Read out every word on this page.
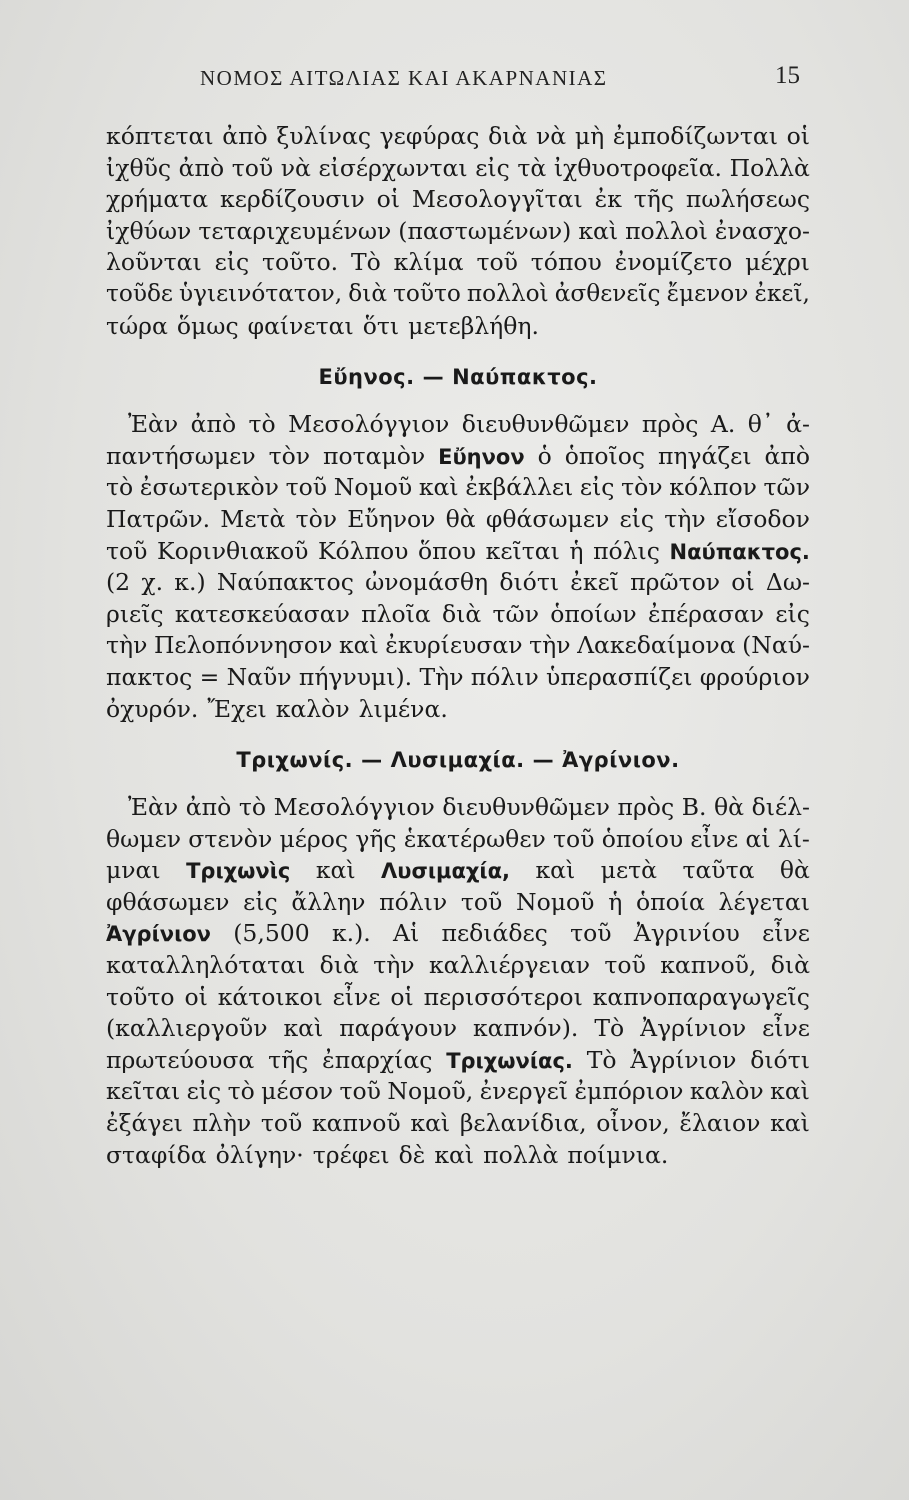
ΝΟΜΟΣ ΑΙΤΩΛΙΑΣ ΚΑΙ ΑΚΑΡΝΑΝΙΑΣ	15
κόπτεται ἀπὸ ξυλίνας γεφύρας διὰ νὰ μὴ ἐμποδίζωνται οἱ
ἰχθῦς ἀπὸ τοῦ νὰ εἰσέρχωνται εἰς τὰ ἰχθυοτροφεῖα. Πολλὰ
χρήματα κερδίζουσιν οἱ Μεσολογγῖται ἐκ τῆς πωλήσεως
ἰχθύων τεταριχευμένων (παστωμένων) καὶ πολλοὶ ἐνασχο-
λοῦνται εἰς τοῦτο. Τὸ κλίμα τοῦ τόπου ἐνομίζετο μέχρι
τοῦδε ὑγιεινότατον, διὰ τοῦτο πολλοὶ ἀσθενεῖς ἔμενον ἐκεῖ,
τώρα ὅμως φαίνεται ὅτι μετεβλήθη.
Εὔηνος. — Ναύπακτος.
Ἐὰν ἀπὸ τὸ Μεσολόγγιον διευθυνθῶμεν πρὸς Α. θ᾽ ἀ-
παντήσωμεν τὸν ποταμὸν Εὔηνον ὁ ὁποῖος πηγάζει ἀπὸ
τὸ ἐσωτερικὸν τοῦ Νομοῦ καὶ ἐκβάλλει εἰς τὸν κόλπον τῶν
Πατρῶν. Μετὰ τὸν Εὔηνον θὰ φθάσωμεν εἰς τὴν εἴσοδον
τοῦ Κορινθιακοῦ Κόλπου ὅπου κεῖται ἡ πόλις Ναύπακτος.
(2 χ. κ.) Ναύπακτος ὠνομάσθη διότι ἐκεῖ πρῶτον οἱ Δω-
ριεῖς κατεσκεύασαν πλοῖα διὰ τῶν ὁποίων ἐπέρασαν εἰς
τὴν Πελοπόννησον καὶ ἐκυρίευσαν τὴν Λακεδαίμονα (Ναύ-
πακτος = Ναῦν πήγνυμι). Τὴν πόλιν ὑπερασπίζει φρούριον
ὀχυρόν. Ἔχει καλὸν λιμένα.
Τριχωνίς. — Λυσιμαχία. — Ἀγρίνιον.
Ἐὰν ἀπὸ τὸ Μεσολόγγιον διευθυνθῶμεν πρὸς Β. θὰ διέλ-
θωμεν στενὸν μέρος γῆς ἑκατέρωθεν τοῦ ὁποίου εἶνε αἱ λί-
μναι Τριχωνὶς καὶ Λυσιμαχία, καὶ μετὰ ταῦτα θὰ
φθάσωμεν εἰς ἄλλην πόλιν τοῦ Νομοῦ ἡ ὁποία λέγεται
Ἀγρίνιον (5,500 κ.). Αἱ πεδιάδες τοῦ Ἀγρινίου εἶνε
καταλληλόταται διὰ τὴν καλλιέργειαν τοῦ καπνοῦ, διὰ
τοῦτο οἱ κάτοικοι εἶνε οἱ περισσότεροι καπνοπαραγωγεῖς
(καλλιεργοῦν καὶ παράγουν καπνόν). Τὸ Ἀγρίνιον εἶνε
πρωτεύουσα τῆς ἐπαρχίας Τριχωνίας. Τὸ Ἀγρίνιον διότι
κεῖται εἰς τὸ μέσον τοῦ Νομοῦ, ἐνεργεῖ ἐμπόριον καλὸν καὶ
ἐξάγει πλὴν τοῦ καπνοῦ καὶ βελανίδια, οἶνον, ἔλαιον καὶ
σταφίδα ὀλίγην· τρέφει δὲ καὶ πολλὰ ποίμνια.
